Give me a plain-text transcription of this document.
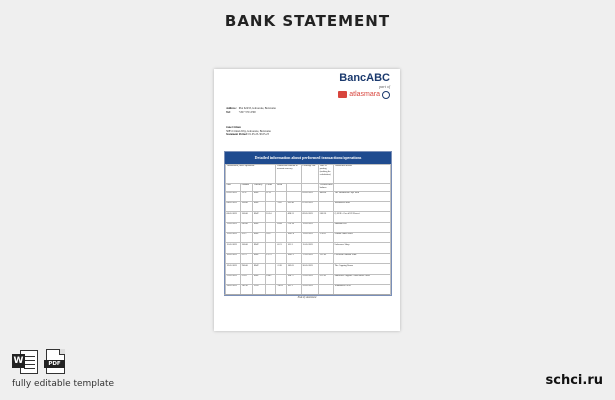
BANK STATEMENT
BancABC
part of
atlasmara
Address: Plot 62433, Gaborone, Botswana
Tel:	+267 370 4700
Jane Citizen
5085 Citizen Way, Gaborone, Botswana
Statement Period: 01.05.23-30.05.23
Detailed information about performed transactions/operations
Transactions, other operations				Transaction amount in account currency		Exchange rate	Date of posting (making the calculation)	Transaction details
Date	Amount	Currency	Credit	Debit			Account final balance	
02.05.2023	11.31	BWP	11.31			03.05.2023	400.00	The Pharmacist Cape Beat
04.05.2023	150.00	BWP		-1.05	202.46	07.05.2023		Woolafrica Store
08.05.2023	120.00	BWP	16.54		498.21	09.05.2023	568.26	Q LUB - Greek UE Pizzeri
11.05.2023	245.00	BWP		-8.04	216.18	12.05.2023		Shannon Ltd
13.05.2023	35.11	BWP	29.17		1061.4	13.05.2023	374.61	Adidas Outlet Store
15.05.2023	120.00	BWP		-8.21	161.3	15.05.2023		Lohrenzer Shop
16.05.2023	22.79	BWP	15.79		1061.2	17.05.2023	221.49	Chesslon Outdoor Wine
19.05.2023	780.00	BWP		-2.28	183.65	20.05.2023		The Cupping Room
22.05.2023	22.03	BWP	14.02		104.77	22.05.2023	611.82	Sunflower Organic Convenience Store
28.05.2023	110.50	USD		-10.69	101.1	29.05.2023		Withdrawal ATM
End of statement
W	PDF
fully editable template	schci.ru
